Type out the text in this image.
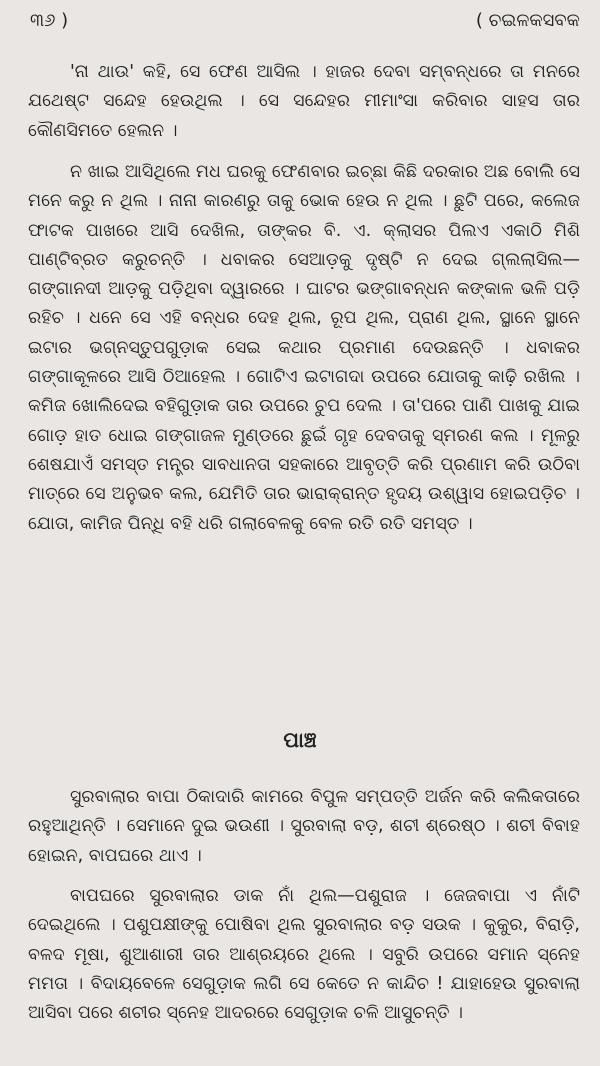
୩୬ )	( ଚଇଳକସବକ

'ନା ଥାଉ' କହି, ସେ ଫେଣ ଆସିଲ । ହାଜର ଦେବା ସମ୍ବନ୍ଧରେ ତା ମନରେ ଯଥେଷ୍ଟ ସନ୍ଦେହ ହେଉଥିଲ । ସେ ସନ୍ଦେହର ମୀମାଂସା କରିବାର ସାହସ ତାର କୌଣସିମତେ ହେଲନ ।

ନ ଖାଇ ଆସିଥିଲେ ମଧ ଘରକୁ ଫେଣବାର ଇଚ୍ଛା କିଛି ଦରକାର ଅଛ ବୋଲି ସେ ମନେ କରୁ ନ ଥିଲ । ନାନା କାରଣରୁ ତାକୁ ଭୋକ ହେଉ ନ ଥିଲ । ଛୁଟି ପରେ, କଲେଜ ଫାଟକ ପାଖରେ ଆସି ଦେଖିଲ, ତାଙ୍କର ବି. ଏ. କ୍ଲାସର ପିଲଏ ଏକାଠି ମିଶି ପାଣ୍ଟିବ୍ରତ କରୁଚନ୍ତି । ଧବାକର ସେଆଡ଼କୁ ଦୃଷ୍ଟି ନ ଦେଇ ଗ୍ଲଲାସିଲ—ଗଙ୍ଗାନଦୀ ଆଡ଼କୁ ପଡ଼ିଥିବା ଦ୍ୱାରରେ । ଘାଟର ଭଙ୍ଗାବନ୍ଧନ କଙ୍କାଳ ଭଳି ପଡ଼ି ରହିଚ । ଧନେ ସେ ଏହି ବନ୍ଧର ଦେହ ଥିଲ, ରୂପ ଥିଲ, ପ୍ରାଣ ଥିଲ, ସ୍ଥାନେ ସ୍ଥାନେ ଇଟାର ଭଗ୍ନସ୍ତୁପଗୁଡ଼ାକ ସେଇ କଥାର ପ୍ରମାଣ ଦେଉଛନ୍ତି । ଧବାକର ଗଙ୍ଗାକୂଳରେ ଆସି ଠିଆହେଲ । ଗୋଟିଏ ଇଟାଗଦା ଉପରେ ଯୋତାକୁ କାଢ଼ି ରଖିଲ । କମିଜ ଖୋଲିଦେଇ ବହିଗୁଡ଼ାକ ତାର ଉପରେ ଚୁପ ଦେଲ । ତା'ପରେ ପାଣି ପାଖକୁ ଯାଇ ଗୋଡ଼ ହାତ ଧୋଇ ଗଙ୍ଗାଜଳ ମୁଣ୍ଡରେ ଛୁଇଁ ଗୃହ ଦେବତାକୁ ସ୍ମରଣ କଲ । ମୂଳରୁ ଶେଷଯାଏଁ ସମସ୍ତ ମନ୍ତ୍ର ସାବଧାନତା ସହକାରେ ଆବୃତ୍ତି କରି ପ୍ରଣାମ କରି ଉଠିବା ମାତ୍ରେ ସେ ଅନୁଭବ କଲ, ଯେମିତି ତାର ଭାରାକ୍ରାନ୍ତ ହୃଦୟ ଉଶ୍ୱାସ ହୋଇପଡ଼ିଚ । ଯୋତା, କାମିଜ ପିନ୍ଧି ବହି ଧରି ଗଲାବେଳକୁ ବେଳ ରତି ରତି ସମସ୍ତ ।

ପାଞ୍ଚ

ସୁରବାଲାର ବାପା ଠିକାଦାରି କାମରେ ବିପୁଳ ସମ୍ପତ୍ତି ଅର୍ଜନ କରି କଲିକତାରେ ରହୁଆଥିନ୍ତି । ସେମାନେ ଦୁଇ ଭଉଣୀ । ସୁରବାଲା ବଡ଼, ଶଚୀ ଶ୍ରେଷ୍ଠ । ଶଚୀ ବିବାହ ହୋଇନ, ବାପଘରେ ଥାଏ ।

ବାପଘରେ ସୁରବାଲାର ଡାକ ନାଁ ଥିଲ—ପଶୁରାଜ । ଜେଜବାପା ଏ ନାଁଟି ଦେଇଥିଲେ । ପଶୁପକ୍ଷୀଙ୍କୁ ପୋଷିବା ଥିଲ ସୁରବାଲାର ବଡ଼ ସଉକ । କୁକୁର, ବିରାଡ଼ି, ବଳଦ ମୂଷା, ଶୁଆଶାରୀ ତାର ଆଶ୍ରୟରେ ଥିଲେ । ସବୁରି ଉପରେ ସମାନ ସ୍ନେହ ମମତା । ବିଦାୟବେଳେ ସେଗୁଡ଼ାକ ଲଗି ସେ କେତେ ନ କାନ୍ଦିଚ ! ଯାହାହେଉ ସୁରବାଲା ଆସିବା ପରେ ଶଚୀର ସ୍ନେହ ଆଦରରେ ସେଗୁଡ଼ାକ ଚଳି ଆସୁଚନ୍ତି ।
